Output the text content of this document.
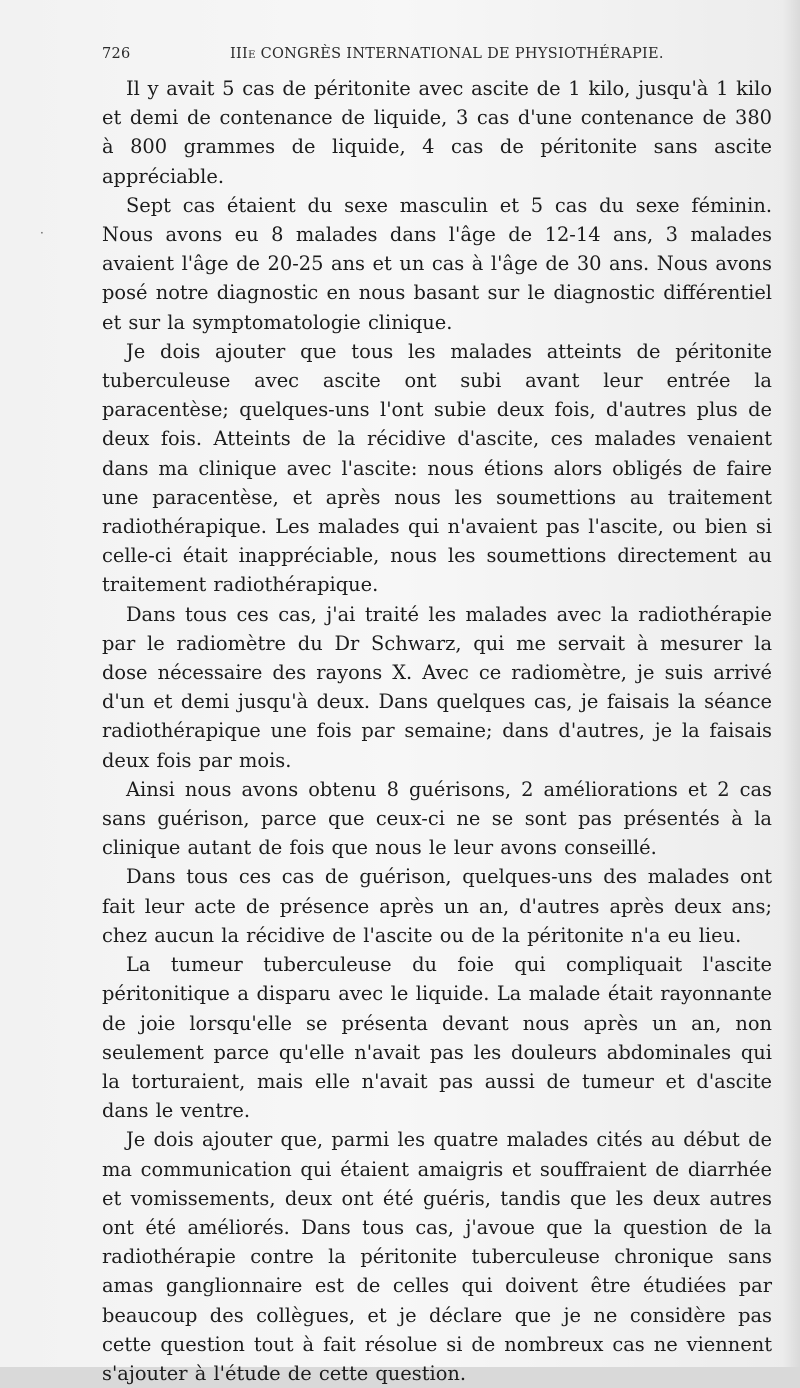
726	IIIe CONGRÈS INTERNATIONAL DE PHYSIOTHÉRAPIE.

Il y avait 5 cas de péritonite avec ascite de 1 kilo, jusqu'à 1 kilo et demi de contenance de liquide, 3 cas d'une contenance de 380 à 800 grammes de liquide, 4 cas de péritonite sans ascite appréciable.

Sept cas étaient du sexe masculin et 5 cas du sexe féminin. Nous avons eu 8 malades dans l'âge de 12-14 ans, 3 malades avaient l'âge de 20-25 ans et un cas à l'âge de 30 ans. Nous avons posé notre diagnostic en nous basant sur le diagnostic différentiel et sur la symptomatologie clinique.

Je dois ajouter que tous les malades atteints de péritonite tuberculeuse avec ascite ont subi avant leur entrée la paracentèse; quelques-uns l'ont subie deux fois, d'autres plus de deux fois. Atteints de la récidive d'ascite, ces malades venaient dans ma clinique avec l'ascite: nous étions alors obligés de faire une paracentèse, et après nous les soumettions au traitement radiothérapique. Les malades qui n'avaient pas l'ascite, ou bien si celle-ci était inappréciable, nous les soumettions directement au traitement radiothérapique.

Dans tous ces cas, j'ai traité les malades avec la radiothérapie par le radiomètre du Dr Schwarz, qui me servait à mesurer la dose nécessaire des rayons X. Avec ce radiomètre, je suis arrivé d'un et demi jusqu'à deux. Dans quelques cas, je faisais la séance radiothérapique une fois par semaine; dans d'autres, je la faisais deux fois par mois.

Ainsi nous avons obtenu 8 guérisons, 2 améliorations et 2 cas sans guérison, parce que ceux-ci ne se sont pas présentés à la clinique autant de fois que nous le leur avons conseillé.

Dans tous ces cas de guérison, quelques-uns des malades ont fait leur acte de présence après un an, d'autres après deux ans; chez aucun la récidive de l'ascite ou de la péritonite n'a eu lieu.

La tumeur tuberculeuse du foie qui compliquait l'ascite péritonitique a disparu avec le liquide. La malade était rayonnante de joie lorsqu'elle se présenta devant nous après un an, non seulement parce qu'elle n'avait pas les douleurs abdominales qui la torturaient, mais elle n'avait pas aussi de tumeur et d'ascite dans le ventre.

Je dois ajouter que, parmi les quatre malades cités au début de ma communication qui étaient amaigris et souffraient de diarrhée et vomissements, deux ont été guéris, tandis que les deux autres ont été améliorés. Dans tous cas, j'avoue que la question de la radiothérapie contre la péritonite tuberculeuse chronique sans amas ganglionnaire est de celles qui doivent être étudiées par beaucoup des collègues, et je déclare que je ne considère pas cette question tout à fait résolue si de nombreux cas ne viennent s'ajouter à l'étude de cette question.

·
